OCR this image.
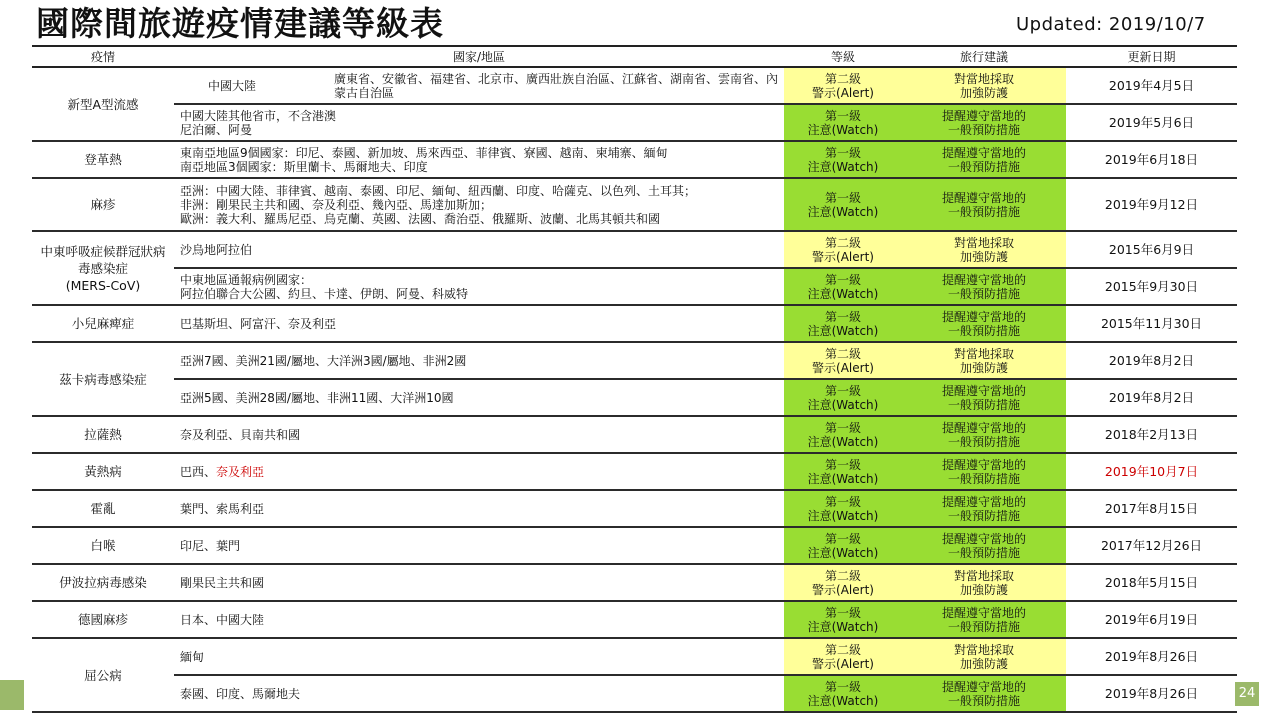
國際間旅遊疫情建議等級表	Updated: 2019/10/7
疫情	國家/地區	等級	旅行建議	更新日期
新型A型流感	中國大陸 廣東省、安徽省、福建省、北京市、廣西壯族自治區、江蘇省、湖南省、雲南省、內蒙古自治區	第二級
警示(Alert)	對當地採取
加強防護	2019年4月5日
	中國大陸其他省市，不含港澳
尼泊爾、阿曼	第一級
注意(Watch)	提醒遵守當地的
一般預防措施	2019年5月6日
登革熱	東南亞地區9個國家：印尼、泰國、新加坡、馬來西亞、菲律賓、寮國、越南、柬埔寨、緬甸
南亞地區3個國家：斯里蘭卡、馬爾地夫、印度	第一級
注意(Watch)	提醒遵守當地的
一般預防措施	2019年6月18日
麻疹	亞洲：中國大陸、菲律賓、越南、泰國、印尼、緬甸、紐西蘭、印度、哈薩克、以色列、土耳其；
非洲：剛果民主共和國、奈及利亞、幾內亞、馬達加斯加；
歐洲：義大利、羅馬尼亞、烏克蘭、英國、法國、喬治亞、俄羅斯、波蘭、北馬其頓共和國	第一級
注意(Watch)	提醒遵守當地的
一般預防措施	2019年9月12日
中東呼吸症候群冠狀病
毒感染症
(MERS-CoV)	沙烏地阿拉伯	第二級
警示(Alert)	對當地採取
加強防護	2015年6月9日
	中東地區通報病例國家：
阿拉伯聯合大公國、約旦、卡達、伊朗、阿曼、科威特	第一級
注意(Watch)	提醒遵守當地的
一般預防措施	2015年9月30日
小兒麻痺症	巴基斯坦、阿富汗、奈及利亞	第一級
注意(Watch)	提醒遵守當地的
一般預防措施	2015年11月30日
茲卡病毒感染症	亞洲7國、美洲21國/屬地、大洋洲3國/屬地、非洲2國	第二級
警示(Alert)	對當地採取
加強防護	2019年8月2日
	亞洲5國、美洲28國/屬地、非洲11國、大洋洲10國	第一級
注意(Watch)	提醒遵守當地的
一般預防措施	2019年8月2日
拉薩熱	奈及利亞、貝南共和國	第一級
注意(Watch)	提醒遵守當地的
一般預防措施	2018年2月13日
黃熱病	巴西、奈及利亞	第一級
注意(Watch)	提醒遵守當地的
一般預防措施	2019年10月7日
霍亂	葉門、索馬利亞	第一級
注意(Watch)	提醒遵守當地的
一般預防措施	2017年8月15日
白喉	印尼、葉門	第一級
注意(Watch)	提醒遵守當地的
一般預防措施	2017年12月26日
伊波拉病毒感染	剛果民主共和國	第二級
警示(Alert)	對當地採取
加強防護	2018年5月15日
德國麻疹	日本、中國大陸	第一級
注意(Watch)	提醒遵守當地的
一般預防措施	2019年6月19日
屈公病	緬甸	第二級
警示(Alert)	對當地採取
加強防護	2019年8月26日
	泰國、印度、馬爾地夫	第一級
注意(Watch)	提醒遵守當地的
一般預防措施	2019年8月26日	24
